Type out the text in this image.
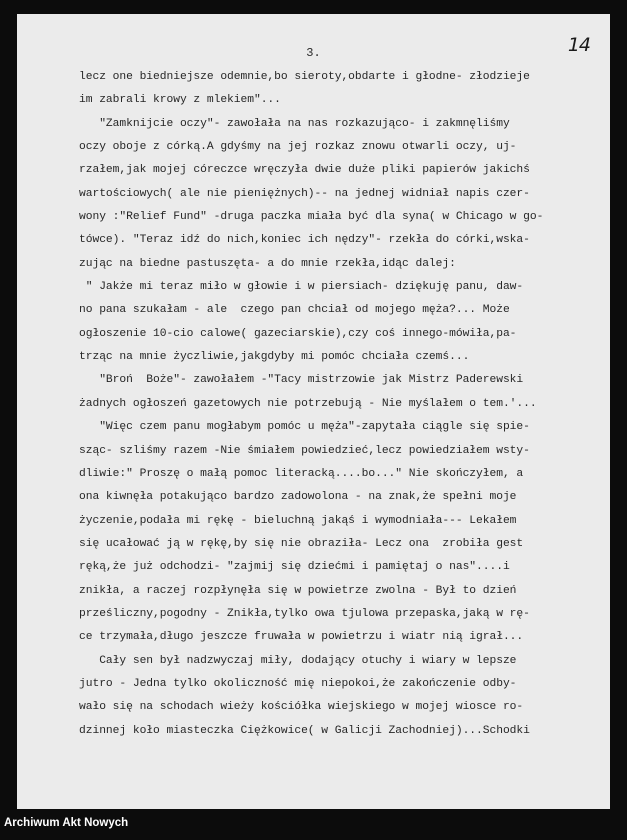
3.	14
lecz one biedniejsze odemnie,bo sieroty,obdarte i głodne- złodzieje
im zabrali krowy z mlekiem"...
"Zamknijcie oczy"- zawołała na nas rozkazująco- i zakmnęliśmy
oczy oboje z córką.A gdyśmy na jej rozkaz znowu otwarli oczy, uj-
rzałem,jak mojej córeczce wręczyła dwie duże pliki papierów jakichś
wartościowych( ale nie pieniężnych)-- na jednej widniał napis czer-
wony :"Relief Fund" -druga paczka miała być dla syna( w Chicago w go-
tówce). "Teraz idź do nich,koniec ich nędzy"- rzekła do córki,wska-
zując na biedne pastuszęta- a do mnie rzekła,idąc dalej:
" Jakże mi teraz miło w głowie i w piersiach- dziękuję panu, daw-
no pana szukałam - ale  czego pan chciał od mojego męża?... Może
ogłoszenie 10-cio calowe( gazeciarskie),czy coś innego-mówiła,pa-
trząc na mnie życzliwie,jakgdyby mi pomóc chciała czemś...
"Broń  Boże"- zawołałem -"Tacy mistrzowie jak Mistrz Paderewski
żadnych ogłoszeń gazetowych nie potrzebują - Nie myślałem o tem.'...
"Więc czem panu mogłabym pomóc u męża"-zapytała ciągle się spie-
sząc- szliśmy razem -Nie śmiałem powiedzieć,lecz powiedziałem wsty-
dliwie:" Proszę o małą pomoc literacką....bo..." Nie skończyłem, a
ona kiwnęła potakująco bardzo zadowolona - na znak,że spełni moje
życzenie,podała mi rękę - bieluchną jakąś i wymodniała--- Lekałem
się ucałować ją w rękę,by się nie obraziła- Lecz ona  zrobiła gest
ręką,że już odchodzi- "zajmij się dziećmi i pamiętaj o nas"....i
znikła, a raczej rozpłynęła się w powietrze zwolna - Był to dzień
prześliczny,pogodny - Znikła,tylko owa tjulowa przepaska,jaką w rę-
ce trzymała,długo jeszcze fruwała w powietrzu i wiatr nią igrał...
Cały sen był nadzwyczaj miły, dodający otuchy i wiary w lepsze
jutro - Jedna tylko okoliczność mię niepokoi,że zakończenie odby-
wało się na schodach wieży kościółka wiejskiego w mojej wiosce ro-
dzinnej koło miasteczka Ciężkowice( w Galicji Zachodniej)...Schodki
Archiwum Akt Nowych
